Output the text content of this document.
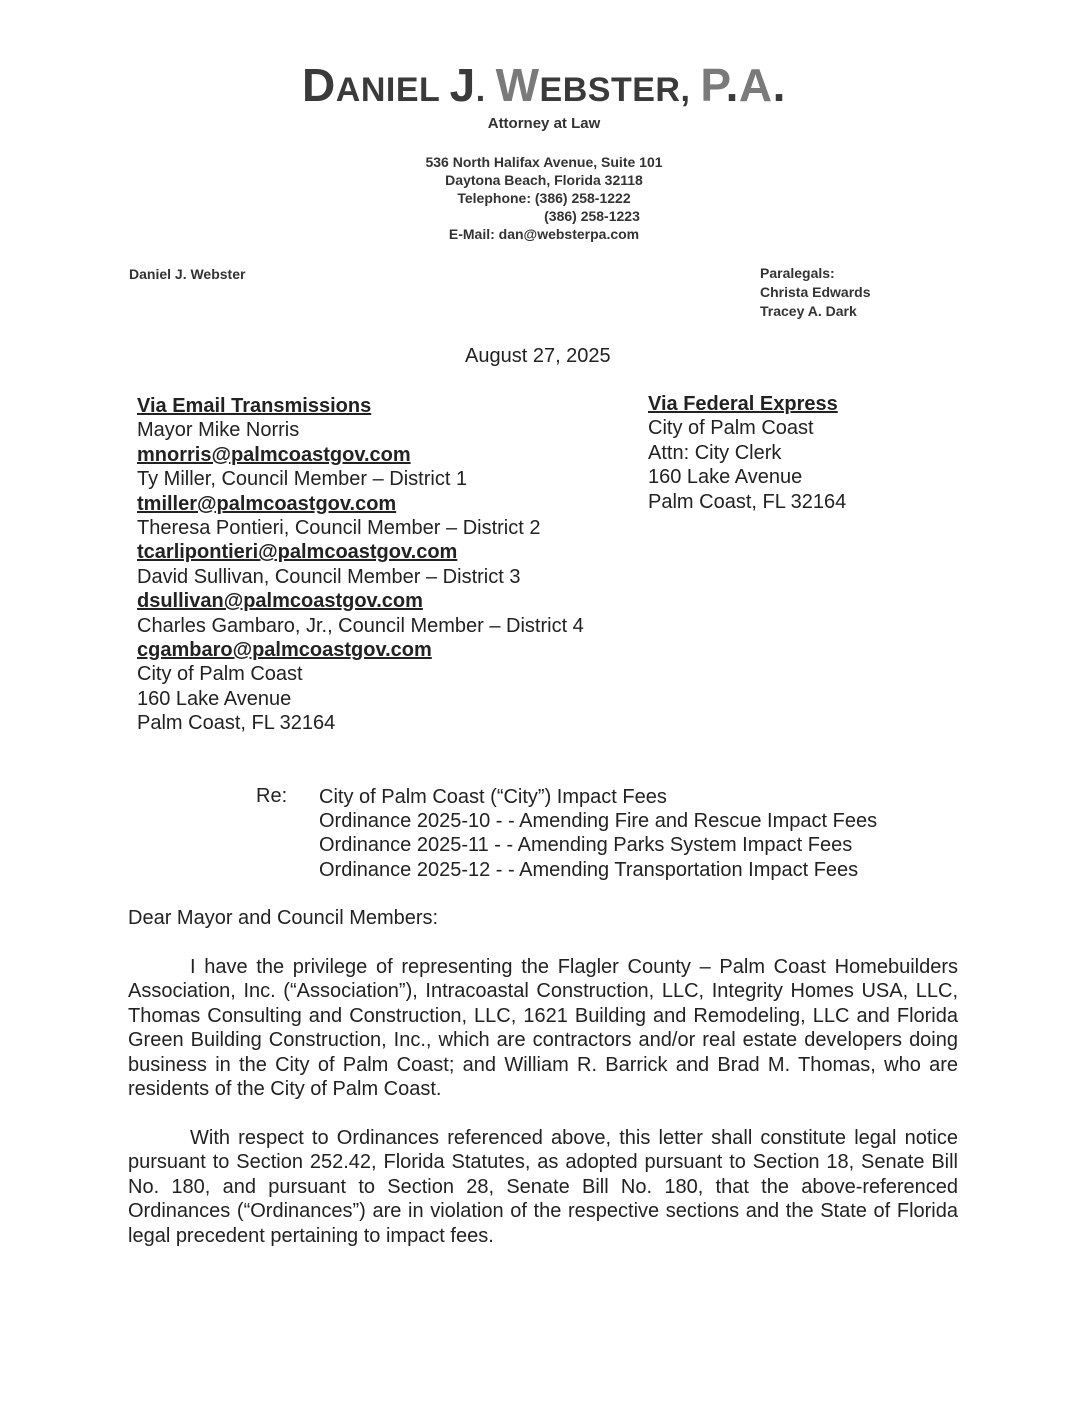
DANIEL J. WEBSTER, P.A.
Attorney at Law
536 North Halifax Avenue, Suite 101
Daytona Beach, Florida 32118
Telephone: (386) 258-1222
(386) 258-1223
E-Mail: dan@websterpa.com
Daniel J. Webster	Paralegals:
Christa Edwards
Tracey A. Dark
August 27, 2025
Via Email Transmissions
Mayor Mike Norris
mnorris@palmcoastgov.com
Ty Miller, Council Member – District 1
tmiller@palmcoastgov.com
Theresa Pontieri, Council Member – District 2
tcarlipontieri@palmcoastgov.com
David Sullivan, Council Member – District 3
dsullivan@palmcoastgov.com
Charles Gambaro, Jr., Council Member – District 4
cgambaro@palmcoastgov.com
City of Palm Coast
160 Lake Avenue
Palm Coast, FL 32164
Via Federal Express
City of Palm Coast
Attn: City Clerk
160 Lake Avenue
Palm Coast, FL 32164
Re: City of Palm Coast (“City”) Impact Fees
Ordinance 2025-10 - - Amending Fire and Rescue Impact Fees
Ordinance 2025-11 - - Amending Parks System Impact Fees
Ordinance 2025-12 - - Amending Transportation Impact Fees
Dear Mayor and Council Members:
I have the privilege of representing the Flagler County – Palm Coast Homebuilders Association, Inc. (“Association”), Intracoastal Construction, LLC, Integrity Homes USA, LLC, Thomas Consulting and Construction, LLC, 1621 Building and Remodeling, LLC and Florida Green Building Construction, Inc., which are contractors and/or real estate developers doing business in the City of Palm Coast; and William R. Barrick and Brad M. Thomas, who are residents of the City of Palm Coast.
With respect to Ordinances referenced above, this letter shall constitute legal notice pursuant to Section 252.42, Florida Statutes, as adopted pursuant to Section 18, Senate Bill No. 180, and pursuant to Section 28, Senate Bill No. 180, that the above-referenced Ordinances (“Ordinances”) are in violation of the respective sections and the State of Florida legal precedent pertaining to impact fees.
